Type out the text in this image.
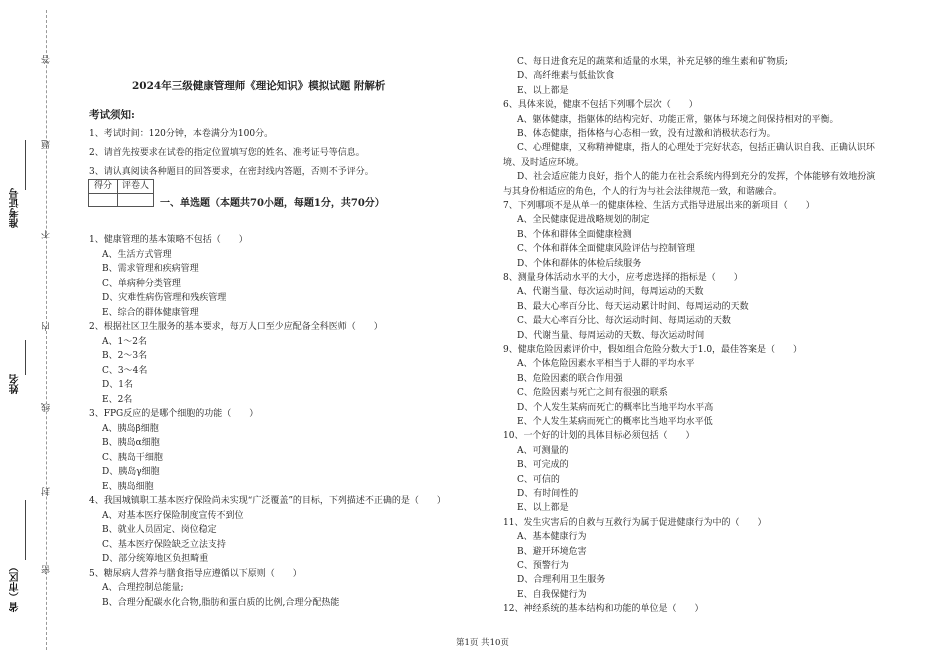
答
题
不
内
线
封
密
准考证号
姓名
省（市区）
2024年三级健康管理师《理论知识》模拟试题 附解析
考试须知:
1、考试时间：120分钟，本卷满分为100分。
2、请首先按要求在试卷的指定位置填写您的姓名、准考证号等信息。
3、请认真阅读各种题目的回答要求，在密封线内答题，否则不予评分。
得分	评卷人
一、单选题（本题共70小题，每题1分，共70分）
1、健康管理的基本策略不包括（　　）
A、生活方式管理
B、需求管理和疾病管理
C、单病种分类管理
D、灾难性病伤管理和残疾管理
E、综合的群体健康管理
2、根据社区卫生服务的基本要求，每万人口至少应配备全科医师（　　）
A、1～2名
B、2～3名
C、3～4名
D、1名
E、2名
3、FPG反应的是哪个细胞的功能（　　）
A、胰岛β细胞
B、胰岛α细胞
C、胰岛干细胞
D、胰岛γ细胞
E、胰岛细胞
4、我国城镇职工基本医疗保险尚未实现“广泛覆盖”的目标，下列描述不正确的是（　　）
A、对基本医疗保险制度宣传不到位
B、就业人员固定、岗位稳定
C、基本医疗保险缺乏立法支持
D、部分统筹地区负担畸重
5、糖尿病人营养与膳食指导应遵循以下原则（　　）
A、合理控制总能量;
B、合理分配碳水化合物,脂肪和蛋白质的比例,合理分配热能
C、每日进食充足的蔬菜和适量的水果，补充足够的维生素和矿物质;
D、高纤维素与低盐饮食
E、以上都是
6、具体来说，健康不包括下列哪个层次（　　）
A、躯体健康，指躯体的结构完好、功能正常，躯体与环境之间保持相对的平衡。
B、体态健康，指体格与心态相一致，没有过激和消极状态行为。
C、心理健康，又称精神健康，指人的心理处于完好状态，包括正确认识自我、正确认识环
境、及时适应环境。
D、社会适应能力良好，指个人的能力在社会系统内得到充分的发挥，个体能够有效地扮演
与其身份相适应的角色，个人的行为与社会法律规范一致，和谐融合。
7、下列哪项不是从单一的健康体检、生活方式指导进展出来的新项目（　　）
A、全民健康促进战略规划的制定
B、个体和群体全面健康检测
C、个体和群体全面健康风险评估与控制管理
D、个体和群体的体检后续服务
8、测量身体活动水平的大小，应考虑选择的指标是（　　）
A、代谢当量、每次运动时间，每周运动的天数
B、最大心率百分比、每天运动累计时间、每周运动的天数
C、最大心率百分比、每次运动时间、每周运动的天数
D、代谢当量、每周运动的天数、每次运动时间
9、健康危险因素评价中，假如组合危险分数大于1.0，最佳答案是（　　）
A、个体危险因素水平相当于人群的平均水平
B、危险因素的联合作用强
C、危险因素与死亡之间有很强的联系
D、个人发生某病而死亡的概率比当地平均水平高
E、个人发生某病而死亡的概率比当地平均水平低
10、一个好的计划的具体目标必须包括（　　）
A、可测量的
B、可完成的
C、可信的
D、有时间性的
E、以上都是
11、发生灾害后的自救与互救行为属于促进健康行为中的（　　）
A、基本健康行为
B、避开环境危害
C、预警行为
D、合理利用卫生服务
E、自我保健行为
12、神经系统的基本结构和功能的单位是（　　）
第1页 共10页
